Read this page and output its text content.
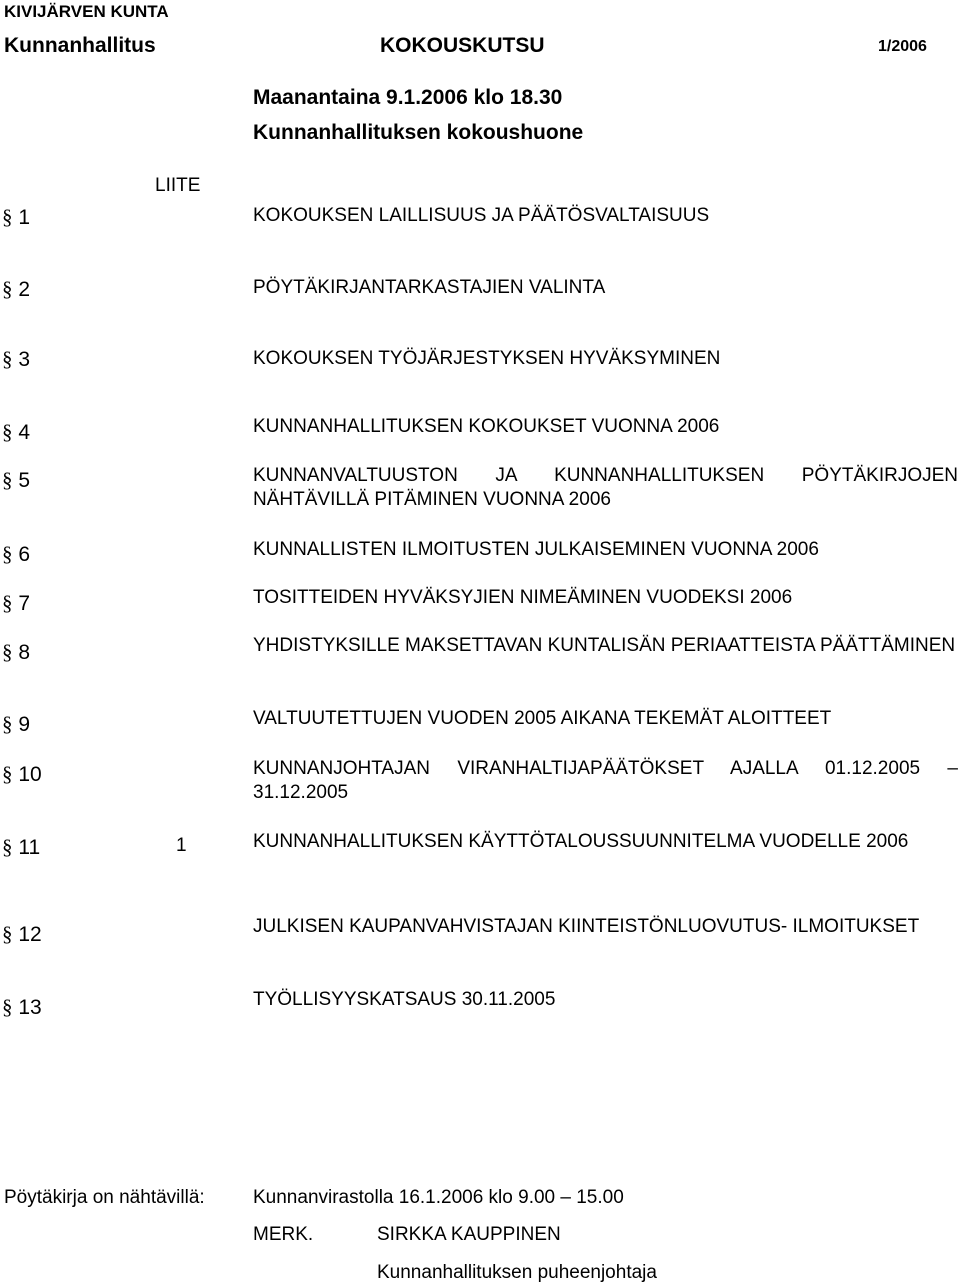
KIVIJÄRVEN KUNTA
Kunnanhallitus	KOKOUSKUTSU	1/2006
Maanantaina 9.1.2006 klo 18.30
Kunnanhallituksen kokoushuone
LIITE
§ 1	KOKOUKSEN LAILLISUUS JA PÄÄTÖSVALTAISUUS
§ 2	PÖYTÄKIRJANTARKASTAJIEN VALINTA
§ 3	KOKOUKSEN TYÖJÄRJESTYKSEN HYVÄKSYMINEN
§ 4	KUNNANHALLITUKSEN KOKOUKSET VUONNA 2006
§ 5	KUNNANVALTUUSTON JA KUNNANHALLITUKSEN PÖYTÄKIRJOJEN NÄHTÄVILLÄ PITÄMINEN VUONNA 2006
§ 6	KUNNALLISTEN ILMOITUSTEN JULKAISEMINEN VUONNA 2006
§ 7	TOSITTEIDEN HYVÄKSYJIEN NIMEÄMINEN VUODEKSI 2006
§ 8	YHDISTYKSILLE MAKSETTAVAN KUNTALISÄN PERIAATTEISTA PÄÄTTÄMINEN
§ 9	VALTUUTETTUJEN VUODEN 2005 AIKANA TEKEMÄT ALOITTEET
§ 10	KUNNANJOHTAJAN VIRANHALTIJAPÄÄTÖKSET AJALLA 01.12.2005 – 31.12.2005
§ 11	1	KUNNANHALLITUKSEN KÄYTTÖTALOUSSUUNNITELMA VUODELLE 2006
§ 12	JULKISEN KAUPANVAHVISTAJAN KIINTEISTÖNLUOVUTUS- ILMOITUKSET
§ 13	TYÖLLISYYSKATSAUS 30.11.2005
Pöytäkirja on nähtävillä:	Kunnanvirastolla 16.1.2006 klo 9.00 – 15.00
MERK.	SIRKKA KAUPPINEN
Kunnanhallituksen puheenjohtaja
